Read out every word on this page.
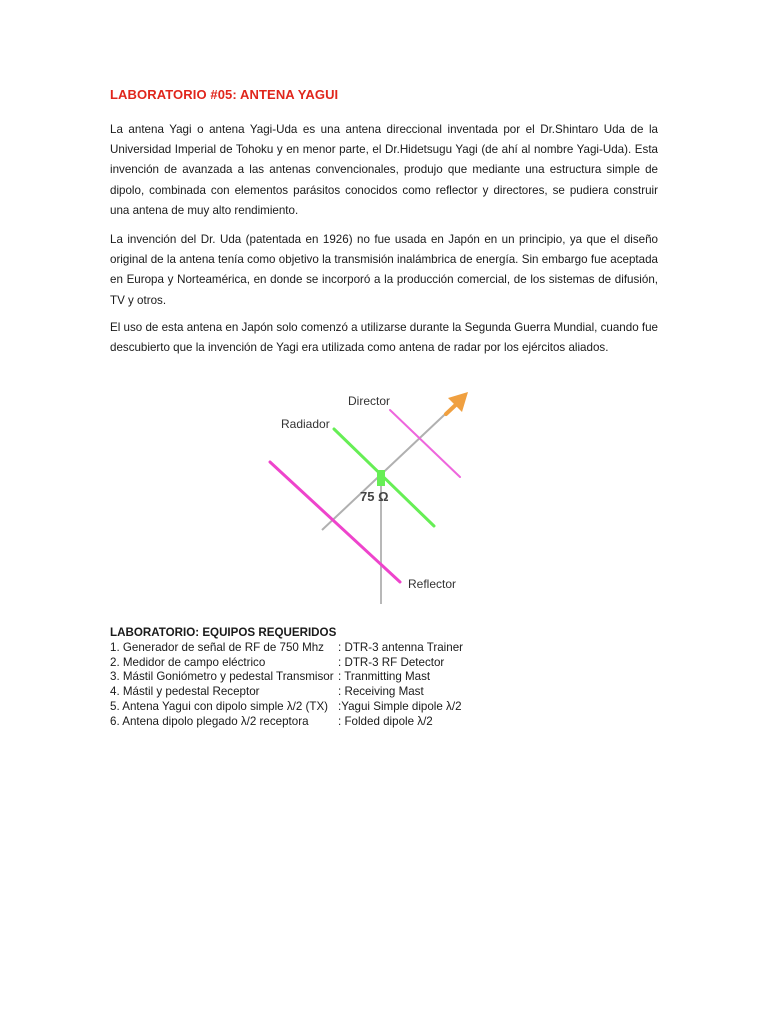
LABORATORIO #05: ANTENA YAGUI

La antena Yagi o antena Yagi-Uda es una antena direccional inventada por el Dr.Shintaro Uda de la Universidad Imperial de Tohoku y en menor parte, el Dr.Hidetsugu Yagi (de ahí al nombre Yagi-Uda). Esta invención de avanzada a las antenas convencionales, produjo que mediante una estructura simple de dipolo, combinada con elementos parásitos conocidos como reflector y directores, se pudiera construir una antena de muy alto rendimiento.

La invención del Dr. Uda (patentada en 1926) no fue usada en Japón en un principio, ya que el diseño original de la antena tenía como objetivo la transmisión inalámbrica de energía. Sin embargo fue aceptada en Europa y Norteamérica, en donde se incorporó a la producción comercial, de los sistemas de difusión, TV y otros.

El uso de esta antena en Japón solo comenzó a utilizarse durante la Segunda Guerra Mundial, cuando fue descubierto que la invención de Yagi era utilizada como antena de radar por los ejércitos aliados.

Director
Radiador
75 Ω
Reflector
LABORATORIO: EQUIPOS REQUERIDOS
1. Generador de señal de RF de 750 Mhz : DTR-3 antenna Trainer
2. Medidor de campo eléctrico	: DTR-3 RF Detector
3. Mástil Goniómetro y pedestal Transmisor : Tranmitting Mast
4. Mástil y pedestal Receptor	: Receiving Mast
5. Antena Yagui con dipolo simple λ/2 (TX) :Yagui Simple dipole λ/2
6. Antena dipolo plegado λ/2 receptora	: Folded dipole λ/2
